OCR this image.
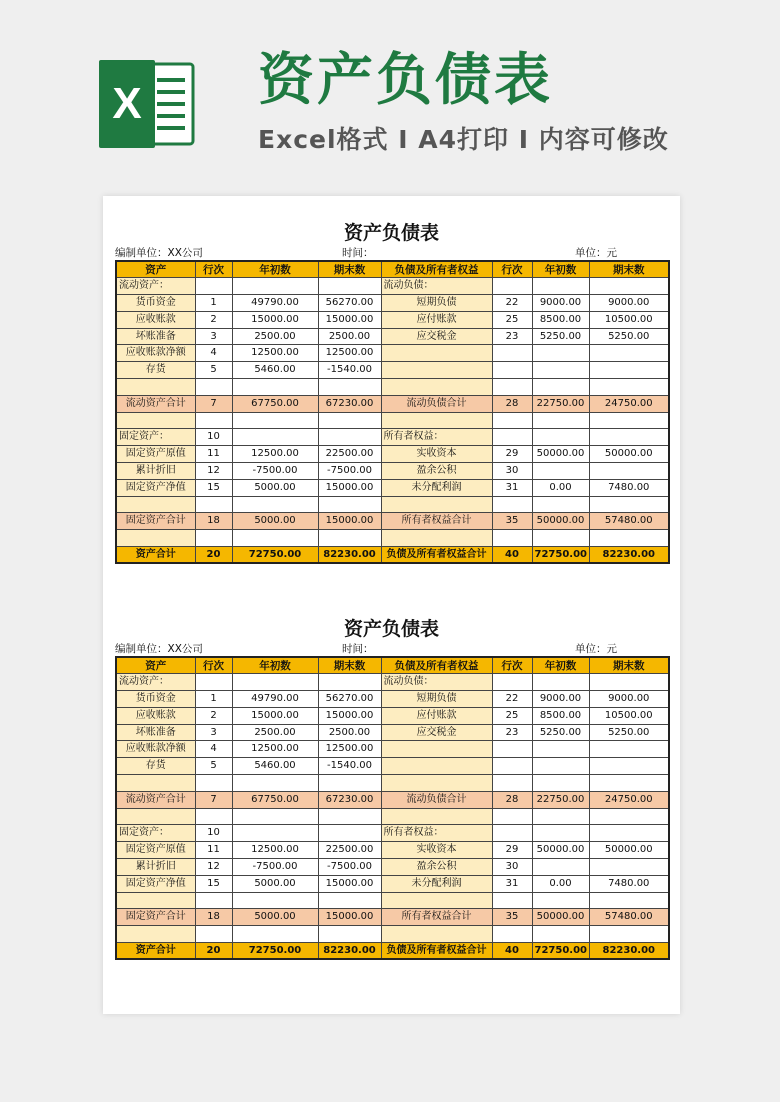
X 资产负债表
Excel格式 Ⅰ A4打印 Ⅰ 内容可修改
资产负债表
编制单位：XX公司	时间：	单位：元
资产	行次	年初数	期末数	负债及所有者权益	行次	年初数	期末数
流动资产：				流动负债：			
货币资金	1	49790.00	56270.00	短期负债	22	9000.00	9000.00
应收账款	2	15000.00	15000.00	应付账款	25	8500.00	10500.00
坏账准备	3	2500.00	2500.00	应交税金	23	5250.00	5250.00
应收账款净额	4	12500.00	12500.00				
存货	5	5460.00	-1540.00				

流动资产合计	7	67750.00	67230.00	流动负债合计	28	22750.00	24750.00

固定资产：	10			所有者权益：			
固定资产原值	11	12500.00	22500.00	实收资本	29	50000.00	50000.00
累计折旧	12	-7500.00	-7500.00	盈余公积	30		
固定资产净值	15	5000.00	15000.00	未分配利润	31	0.00	7480.00

固定资产合计	18	5000.00	15000.00	所有者权益合计	35	50000.00	57480.00

资产合计	20	72750.00	82230.00	负债及所有者权益合计	40	72750.00	82230.00
资产负债表
编制单位：XX公司	时间：	单位：元
资产	行次	年初数	期末数	负债及所有者权益	行次	年初数	期末数
流动资产：				流动负债：			
货币资金	1	49790.00	56270.00	短期负债	22	9000.00	9000.00
应收账款	2	15000.00	15000.00	应付账款	25	8500.00	10500.00
坏账准备	3	2500.00	2500.00	应交税金	23	5250.00	5250.00
应收账款净额	4	12500.00	12500.00				
存货	5	5460.00	-1540.00				

流动资产合计	7	67750.00	67230.00	流动负债合计	28	22750.00	24750.00

固定资产：	10			所有者权益：			
固定资产原值	11	12500.00	22500.00	实收资本	29	50000.00	50000.00
累计折旧	12	-7500.00	-7500.00	盈余公积	30		
固定资产净值	15	5000.00	15000.00	未分配利润	31	0.00	7480.00

固定资产合计	18	5000.00	15000.00	所有者权益合计	35	50000.00	57480.00

资产合计	20	72750.00	82230.00	负债及所有者权益合计	40	72750.00	82230.00
